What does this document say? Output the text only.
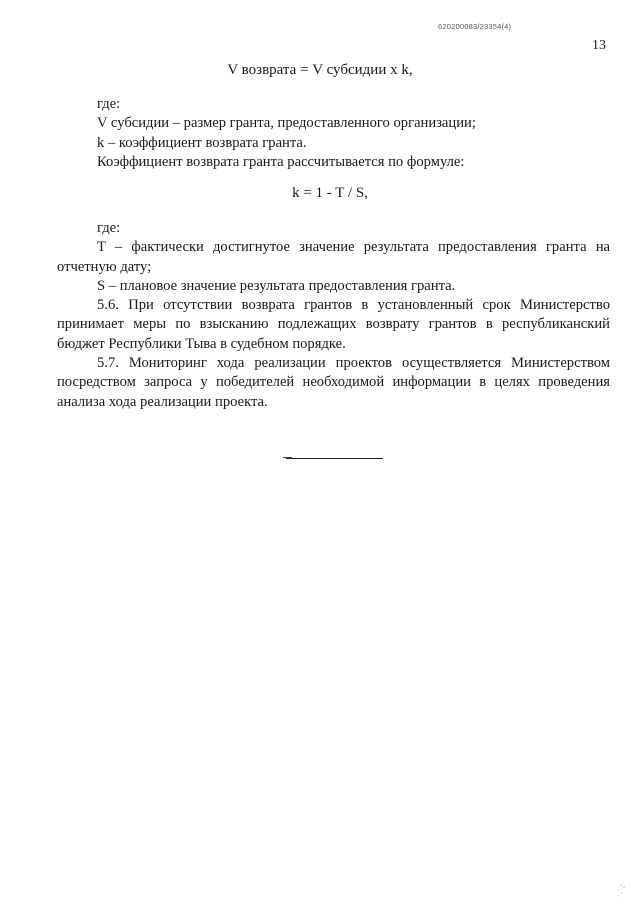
620200083/23354(4)
13
V возврата = V субсидии x k,

где:

V субсидии – размер гранта, предоставленного организации;

k – коэффициент возврата гранта.

Коэффициент возврата гранта рассчитывается по формуле:

k = 1 - T / S,

где:

T – фактически достигнутое значение результата предоставления гранта на отчетную дату;

S – плановое значение результата предоставления гранта.

5.6. При отсутствии возврата грантов в установленный срок Министерство принимает меры по взысканию подлежащих возврату грантов в республиканский бюджет Республики Тыва в судебном порядке.

5.7. Мониторинг хода реализации проектов осуществляется Министерством посредством запроса у победителей необходимой информации в целях проведения анализа хода реализации проекта.
